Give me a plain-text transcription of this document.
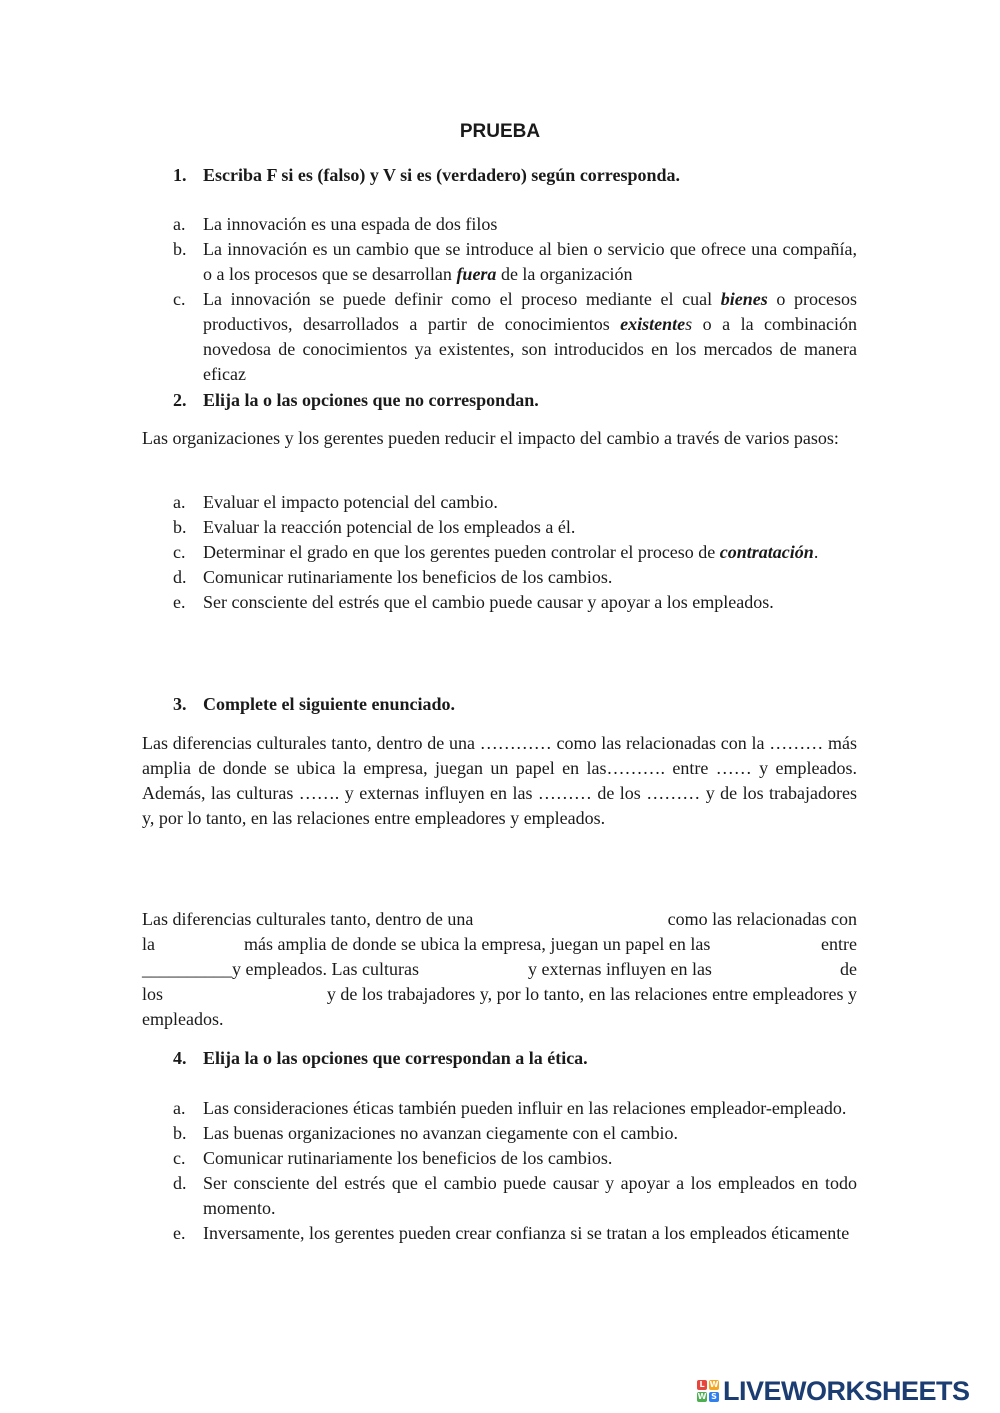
PRUEBA
1. Escriba F si es (falso) y V si es (verdadero) según corresponda.
a. La innovación es una espada de dos filos
b. La innovación es un cambio que se introduce al bien o servicio que ofrece una compañía, o a los procesos que se desarrollan fuera de la organización
c. La innovación se puede definir como el proceso mediante el cual bienes o procesos productivos, desarrollados a partir de conocimientos existentes o a la combinación novedosa de conocimientos ya existentes, son introducidos en los mercados de manera eficaz
2. Elija la o las opciones que no correspondan.
Las organizaciones y los gerentes pueden reducir el impacto del cambio a través de varios pasos:
a. Evaluar el impacto potencial del cambio.
b. Evaluar la reacción potencial de los empleados a él.
c. Determinar el grado en que los gerentes pueden controlar el proceso de contratación.
d. Comunicar rutinariamente los beneficios de los cambios.
e. Ser consciente del estrés que el cambio puede causar y apoyar a los empleados.
3. Complete el siguiente enunciado.
Las diferencias culturales tanto, dentro de una ………… como las relacionadas con la ……… más amplia de donde se ubica la empresa, juegan un papel en las………. entre …… y empleados. Además, las culturas ……. y externas influyen en las ……… de los ……… y de los trabajadores y, por lo tanto, en las relaciones entre empleadores y empleados.
Las diferencias culturales tanto, dentro de una	como las relacionadas con
la	más amplia de donde se ubica la empresa, juegan un papel en las	entre
__________y empleados. Las culturas	y externas influyen en las	de
los	y de los trabajadores y, por lo tanto, en las relaciones entre empleadores y
empleados.
4. Elija la o las opciones que correspondan a la ética.
a. Las consideraciones éticas también pueden influir en las relaciones empleador-empleado.
b. Las buenas organizaciones no avanzan ciegamente con el cambio.
c. Comunicar rutinariamente los beneficios de los cambios.
d. Ser consciente del estrés que el cambio puede causar y apoyar a los empleados en todo momento.
e. Inversamente, los gerentes pueden crear confianza si se tratan a los empleados éticamente
L W
W S LIVEWORKSHEETS
